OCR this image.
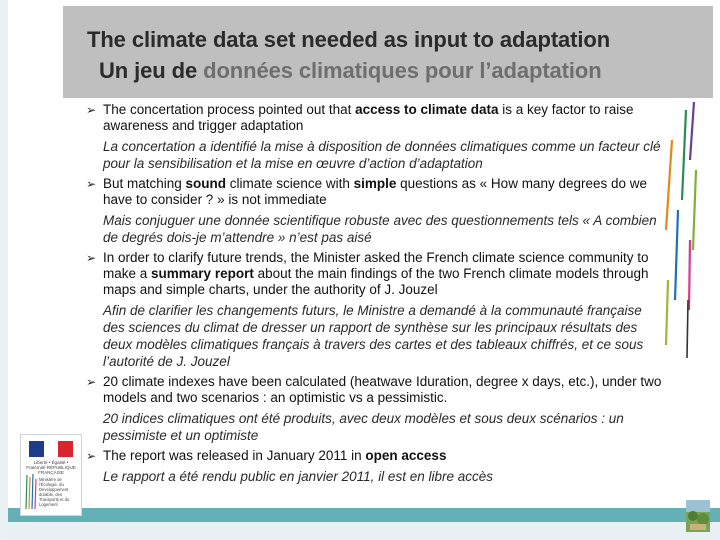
The climate data set needed as input to adaptation
Un jeu de données climatiques pour l’adaptation
➢ The concertation process pointed out that access to climate data is a key factor to raise awareness and trigger adaptation
La concertation a identifié la mise à disposition de données climatiques comme un facteur clé pour la sensibilisation et la mise en œuvre d’action d’adaptation
➢ But matching sound climate science with simple questions as « How many degrees do we have to consider ? » is not immediate
Mais conjuguer une donnée scientifique robuste avec des questionnements tels « A combien de degrés dois-je m’attendre » n’est pas aisé
➢ In order to clarify future trends, the Minister asked the French climate science community to make a summary report about the main findings of the two French climate models through maps and simple charts, under the authority of J. Jouzel
Afin de clarifier les changements futurs, le Ministre a demandé à la communauté française des sciences du climat de dresser un rapport de synthèse sur les principaux résultats des deux modèles climatiques français à travers des cartes et des tableaux chiffrés, et ce sous l’autorité de J. Jouzel
➢ 20 climate indexes have been calculated (heatwave Iduration, degree x days, etc.), under two models and two scenarios : an optimistic vs a pessimistic.
20 indices climatiques ont été produits, avec deux modèles et sous deux scénarios : un pessimiste et un optimiste
➢ The report was released in January 2011 in open access
Le rapport a été rendu public en janvier 2011, il est en libre accès
Liberté • Égalité • Fraternité RÉPUBLIQUE FRANÇAISE
Ministère de l'Écologie, du Développement durable, des Transports et du Logement
